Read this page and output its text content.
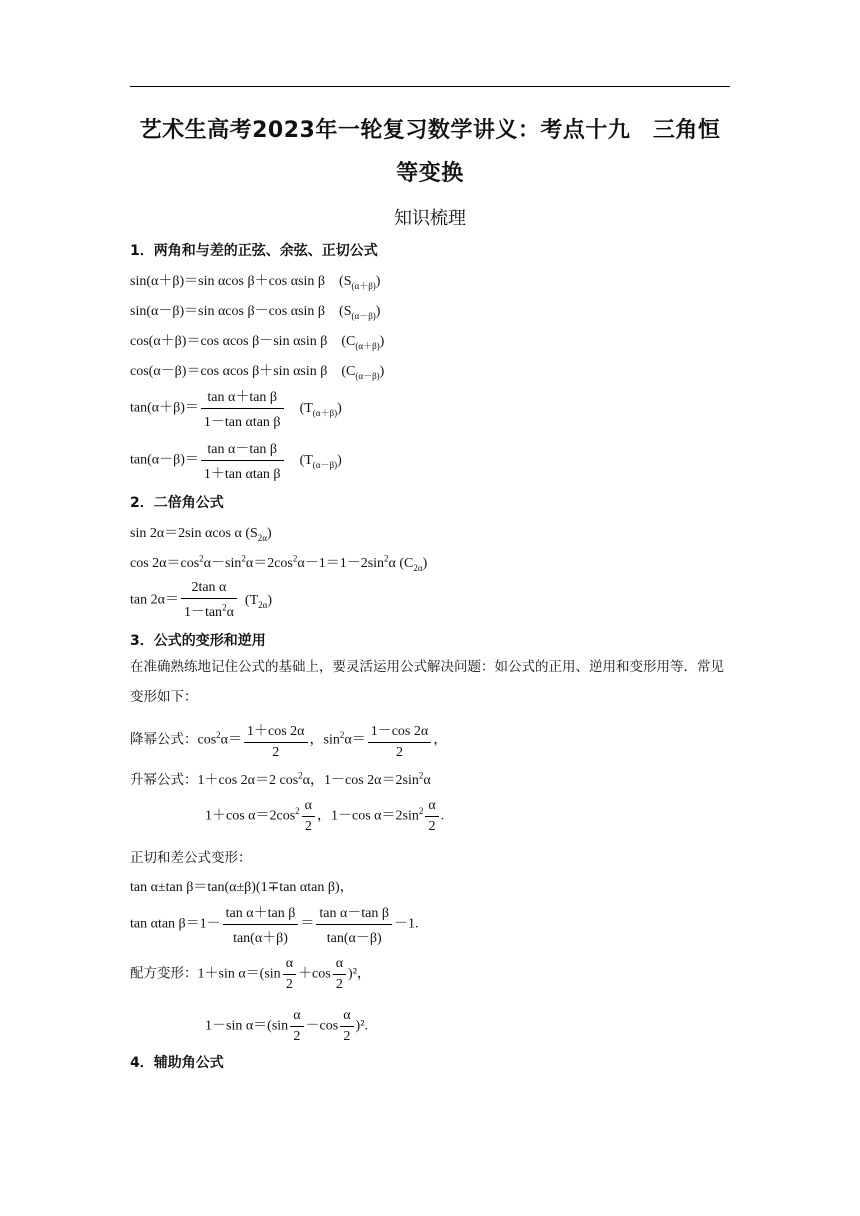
艺术生高考2023年一轮复习数学讲义：考点十九　三角恒
等变换
知识梳理
1．两角和与差的正弦、余弦、正切公式
sin(α＋β)＝sin αcos β＋cos αsin β $(S_{(\alpha+\beta)})$
sin(α－β)＝sin αcos β－cos αsin β $(S_{(\alpha-\beta)})$
cos(α＋β)＝cos αcos β－sin αsin β $(C_{(\alpha+\beta)})$
cos(α－β)＝cos αcos β＋sin αsin β $(C_{(\alpha-\beta)})$
$\tan(\alpha+\beta)= \frac{\text{tan α＋tan β}}{\text{1－tan αtan β}} (T_{(\alpha+\beta)})$
$\tan(\alpha-\beta)= \frac{\text{tan α－tan β}}{\text{1＋tan αtan β}} (T_{(\alpha-\beta)})$
2．二倍角公式
sin 2α＝2sin αcos α $(S_{2\alpha})$
$\cos 2\alpha=\cos^2\alpha-\sin^2\alpha=2\cos^2\alpha-1=1-2\sin^2\alpha$ $(C_{2\alpha})$
$\tan 2\alpha= \frac{\text{2tan α}}{1-\tan^2\alpha} (T_{2\alpha})$
3．公式的变形和逆用
在准确熟练地记住公式的基础上，要灵活运用公式解决问题：如公式的正用、逆用和变形用等．常见变形如下：
降幂公式：$\cos^2\alpha= \frac{1+\cos 2\alpha}{2}$ ，$\sin^2\alpha= \frac{1-\cos 2\alpha}{2}$ ，
升幂公式：1＋cos 2α＝2 $\cos^2\alpha$，1－cos $2\alpha=2\sin^2\alpha$
1＋cos $\alpha=2\cos^2 \frac{\alpha}{2}$ ，1－cos $\alpha=2\sin^2 \frac{\alpha}{2}$ .
正切和差公式变形：
tan α±tan β＝tan(α±β)(1∓tan αtan β)，
tan αtan $\beta=1- \frac{\text{tan α＋tan β}}{\tan(\alpha+\beta)} = \frac{\text{tan α－tan β}}{\tan(\alpha-\beta)} -1$.
配方变形：1＋sin $\alpha=(\sin \frac{\alpha}{2} +\cos \frac{\alpha}{2} )^2$，
1－sin $\alpha=(\sin \frac{\alpha}{2} -\cos \frac{\alpha}{2} )^2$.
4．辅助角公式
